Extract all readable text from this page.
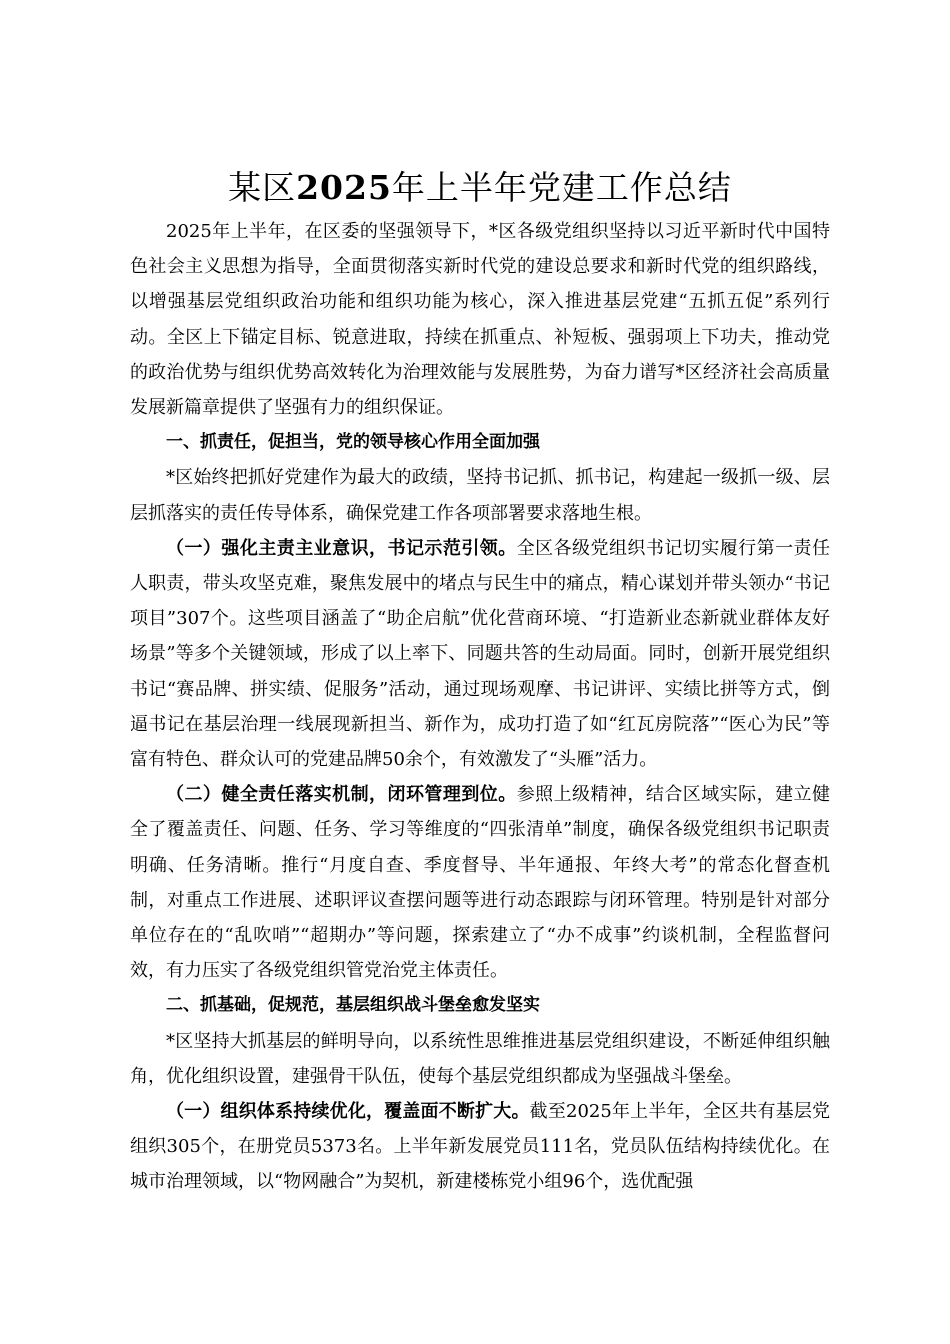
某区2025年上半年党建工作总结

2025年上半年，在区委的坚强领导下，*区各级党组织坚持以习近平新时代中国特色社会主义思想为指导，全面贯彻落实新时代党的建设总要求和新时代党的组织路线，以增强基层党组织政治功能和组织功能为核心，深入推进基层党建“五抓五促”系列行动。全区上下锚定目标、锐意进取，持续在抓重点、补短板、强弱项上下功夫，推动党的政治优势与组织优势高效转化为治理效能与发展胜势，为奋力谱写*区经济社会高质量发展新篇章提供了坚强有力的组织保证。

一、抓责任，促担当，党的领导核心作用全面加强

*区始终把抓好党建作为最大的政绩，坚持书记抓、抓书记，构建起一级抓一级、层层抓落实的责任传导体系，确保党建工作各项部署要求落地生根。

（一）强化主责主业意识，书记示范引领。全区各级党组织书记切实履行第一责任人职责，带头攻坚克难，聚焦发展中的堵点与民生中的痛点，精心谋划并带头领办“书记项目”307个。这些项目涵盖了“助企启航”优化营商环境、“打造新业态新就业群体友好场景”等多个关键领域，形成了以上率下、同题共答的生动局面。同时，创新开展党组织书记“赛品牌、拼实绩、促服务”活动，通过现场观摩、书记讲评、实绩比拼等方式，倒逼书记在基层治理一线展现新担当、新作为，成功打造了如“红瓦房院落”“医心为民”等富有特色、群众认可的党建品牌50余个，有效激发了“头雁”活力。

（二）健全责任落实机制，闭环管理到位。参照上级精神，结合区域实际，建立健全了覆盖责任、问题、任务、学习等维度的“四张清单”制度，确保各级党组织书记职责明确、任务清晰。推行“月度自查、季度督导、半年通报、年终大考”的常态化督查机制，对重点工作进展、述职评议查摆问题等进行动态跟踪与闭环管理。特别是针对部分单位存在的“乱吹哨”“超期办”等问题，探索建立了“办不成事”约谈机制，全程监督问效，有力压实了各级党组织管党治党主体责任。

二、抓基础，促规范，基层组织战斗堡垒愈发坚实

*区坚持大抓基层的鲜明导向，以系统性思维推进基层党组织建设，不断延伸组织触角，优化组织设置，建强骨干队伍，使每个基层党组织都成为坚强战斗堡垒。

（一）组织体系持续优化，覆盖面不断扩大。截至2025年上半年，全区共有基层党组织305个，在册党员5373名。上半年新发展党员111名，党员队伍结构持续优化。在城市治理领域，以“物网融合”为契机，新建楼栋党小组96个，选优配强
